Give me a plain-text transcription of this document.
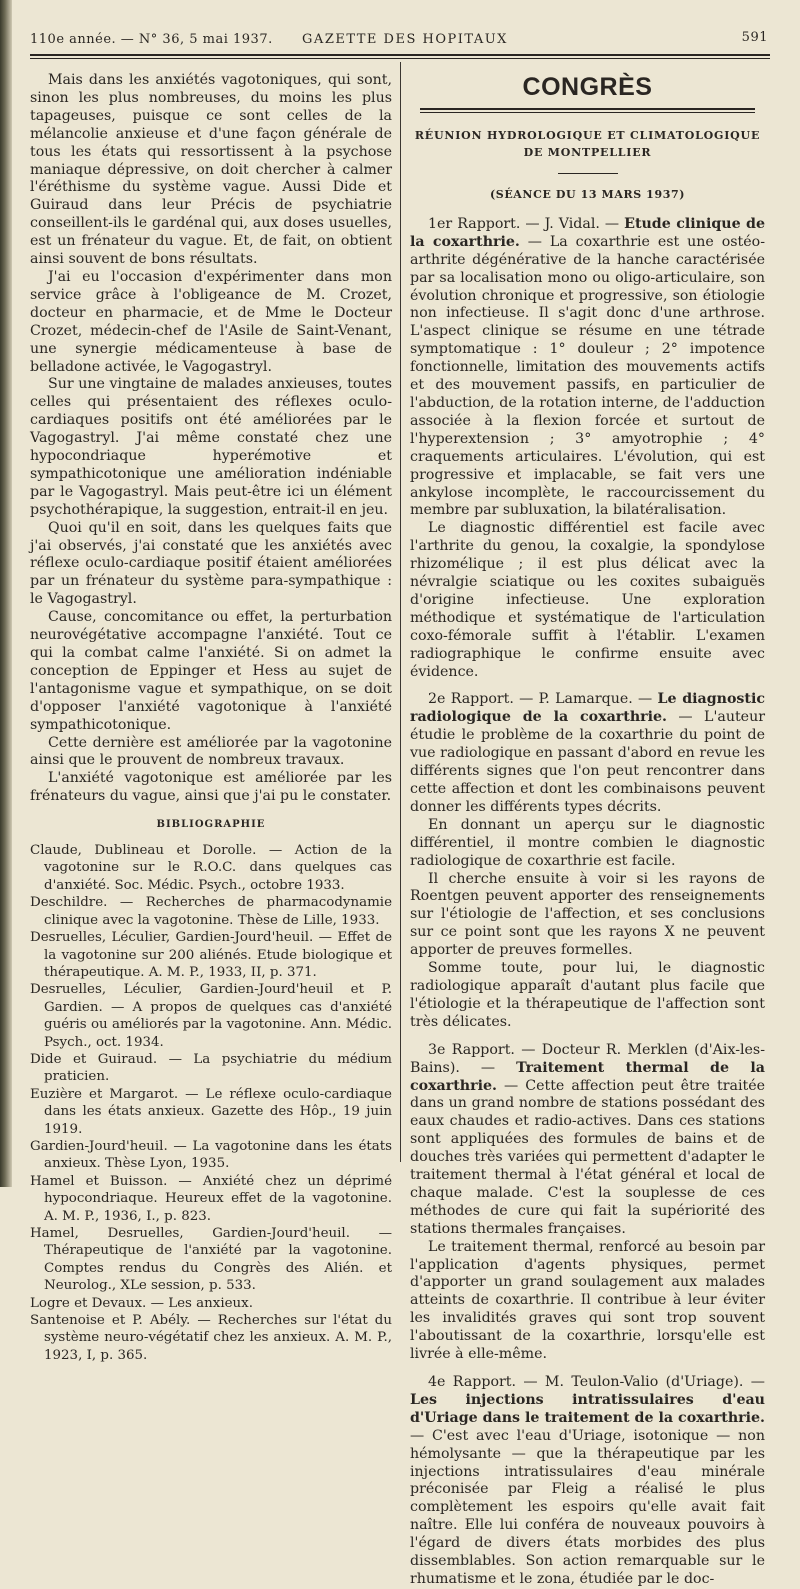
110e année. — N° 36, 5 mai 1937.	GAZETTE DES HOPITAUX	591

Mais dans les anxiétés vagotoniques, qui sont, sinon les plus nombreuses, du moins les plus tapageuses, puisque ce sont celles de la mélancolie anxieuse et d'une façon générale de tous les états qui ressortissent à la psychose maniaque dépressive, on doit chercher à calmer l'éréthisme du système vague. Aussi Dide et Guiraud dans leur Précis de psychiatrie conseillent-ils le gardénal qui, aux doses usuelles, est un frénateur du vague. Et, de fait, on obtient ainsi souvent de bons résultats.

J'ai eu l'occasion d'expérimenter dans mon service grâce à l'obligeance de M. Crozet, docteur en pharmacie, et de Mme le Docteur Crozet, médecin-chef de l'Asile de Saint-Venant, une synergie médicamenteuse à base de belladone activée, le Vagogastryl.

Sur une vingtaine de malades anxieuses, toutes celles qui présentaient des réflexes oculo-cardiaques positifs ont été améliorées par le Vagogastryl. J'ai même constaté chez une hypocondriaque hyperémotive et sympathicotonique une amélioration indéniable par le Vagogastryl. Mais peut-être ici un élément psychothérapique, la suggestion, entrait-il en jeu.

Quoi qu'il en soit, dans les quelques faits que j'ai observés, j'ai constaté que les anxiétés avec réflexe oculo-cardiaque positif étaient améliorées par un frénateur du système para-sympathique : le Vagogastryl.

Cause, concomitance ou effet, la perturbation neurovégétative accompagne l'anxiété. Tout ce qui la combat calme l'anxiété. Si on admet la conception de Eppinger et Hess au sujet de l'antagonisme vague et sympathique, on se doit d'opposer l'anxiété vagotonique à l'anxiété sympathicotonique.

Cette dernière est améliorée par la vagotonine ainsi que le prouvent de nombreux travaux.

L'anxiété vagotonique est améliorée par les frénateurs du vague, ainsi que j'ai pu le constater.

BIBLIOGRAPHIE

Claude, Dublineau et Dorolle. — Action de la vagotonine sur le R.O.C. dans quelques cas d'anxiété. Soc. Médic. Psych., octobre 1933.

Deschildre. — Recherches de pharmacodynamie clinique avec la vagotonine. Thèse de Lille, 1933.

Desruelles, Léculier, Gardien-Jourd'heuil. — Effet de la vagotonine sur 200 aliénés. Etude biologique et thérapeutique. A. M. P., 1933, II, p. 371.

Desruelles, Léculier, Gardien-Jourd'heuil et P. Gardien. — A propos de quelques cas d'anxiété guéris ou améliorés par la vagotonine. Ann. Médic. Psych., oct. 1934.

Dide et Guiraud. — La psychiatrie du médium praticien.

Euzière et Margarot. — Le réflexe oculo-cardiaque dans les états anxieux. Gazette des Hôp., 19 juin 1919.

Gardien-Jourd'heuil. — La vagotonine dans les états anxieux. Thèse Lyon, 1935.

Hamel et Buisson. — Anxiété chez un déprimé hypocondriaque. Heureux effet de la vagotonine. A. M. P., 1936, I., p. 823.

Hamel, Desruelles, Gardien-Jourd'heuil. — Thérapeutique de l'anxiété par la vagotonine. Comptes rendus du Congrès des Alién. et Neurolog., XLe session, p. 533.

Logre et Devaux. — Les anxieux.

Santenoise et P. Abély. — Recherches sur l'état du système neuro-végétatif chez les anxieux. A. M. P., 1923, I, p. 365.

CONGRÈS
RÉUNION HYDROLOGIQUE ET CLIMATOLOGIQUE
DE MONTPELLIER
(SÉANCE DU 13 MARS 1937)

1er Rapport. — J. Vidal. — Etude clinique de la coxarthrie. — La coxarthrie est une ostéo-arthrite dégénérative de la hanche caractérisée par sa localisation mono ou oligo-articulaire, son évolution chronique et progressive, son étiologie non infectieuse. Il s'agit donc d'une arthrose. L'aspect clinique se résume en une tétrade symptomatique : 1° douleur ; 2° impotence fonctionnelle, limitation des mouvements actifs et des mouvement passifs, en particulier de l'abduction, de la rotation interne, de l'adduction associée à la flexion forcée et surtout de l'hyperextension ; 3° amyotrophie ; 4° craquements articulaires. L'évolution, qui est progressive et implacable, se fait vers une ankylose incomplète, le raccourcissement du membre par subluxation, la bilatéralisation.

Le diagnostic différentiel est facile avec l'arthrite du genou, la coxalgie, la spondylose rhizomélique ; il est plus délicat avec la névralgie sciatique ou les coxites subaiguës d'origine infectieuse. Une exploration méthodique et systématique de l'articulation coxo-fémorale suffit à l'établir. L'examen radiographique le confirme ensuite avec évidence.

2e Rapport. — P. Lamarque. — Le diagnostic radiologique de la coxarthrie. — L'auteur étudie le problème de la coxarthrie du point de vue radiologique en passant d'abord en revue les différents signes que l'on peut rencontrer dans cette affection et dont les combinaisons peuvent donner les différents types décrits.

En donnant un aperçu sur le diagnostic différentiel, il montre combien le diagnostic radiologique de coxarthrie est facile.

Il cherche ensuite à voir si les rayons de Roentgen peuvent apporter des renseignements sur l'étiologie de l'affection, et ses conclusions sur ce point sont que les rayons X ne peuvent apporter de preuves formelles.

Somme toute, pour lui, le diagnostic radiologique apparaît d'autant plus facile que l'étiologie et la thérapeutique de l'affection sont très délicates.

3e Rapport. — Docteur R. Merklen (d'Aix-les-Bains). — Traitement thermal de la coxarthrie. — Cette affection peut être traitée dans un grand nombre de stations possédant des eaux chaudes et radio-actives. Dans ces stations sont appliquées des formules de bains et de douches très variées qui permettent d'adapter le traitement thermal à l'état général et local de chaque malade. C'est la souplesse de ces méthodes de cure qui fait la supériorité des stations thermales françaises.

Le traitement thermal, renforcé au besoin par l'application d'agents physiques, permet d'apporter un grand soulagement aux malades atteints de coxarthrie. Il contribue à leur éviter les invalidités graves qui sont trop souvent l'aboutissant de la coxarthrie, lorsqu'elle est livrée à elle-même.

4e Rapport. — M. Teulon-Valio (d'Uriage). — Les injections intratissulaires d'eau d'Uriage dans le traitement de la coxarthrie. — C'est avec l'eau d'Uriage, isotonique — non hémolysante — que la thérapeutique par les injections intratissulaires d'eau minérale préconisée par Fleig a réalisé le plus complètement les espoirs qu'elle avait fait naître. Elle lui conféra de nouveaux pouvoirs à l'égard de divers états morbides des plus dissemblables. Son action remarquable sur le rhumatisme et le zona, étudiée par le doc-
